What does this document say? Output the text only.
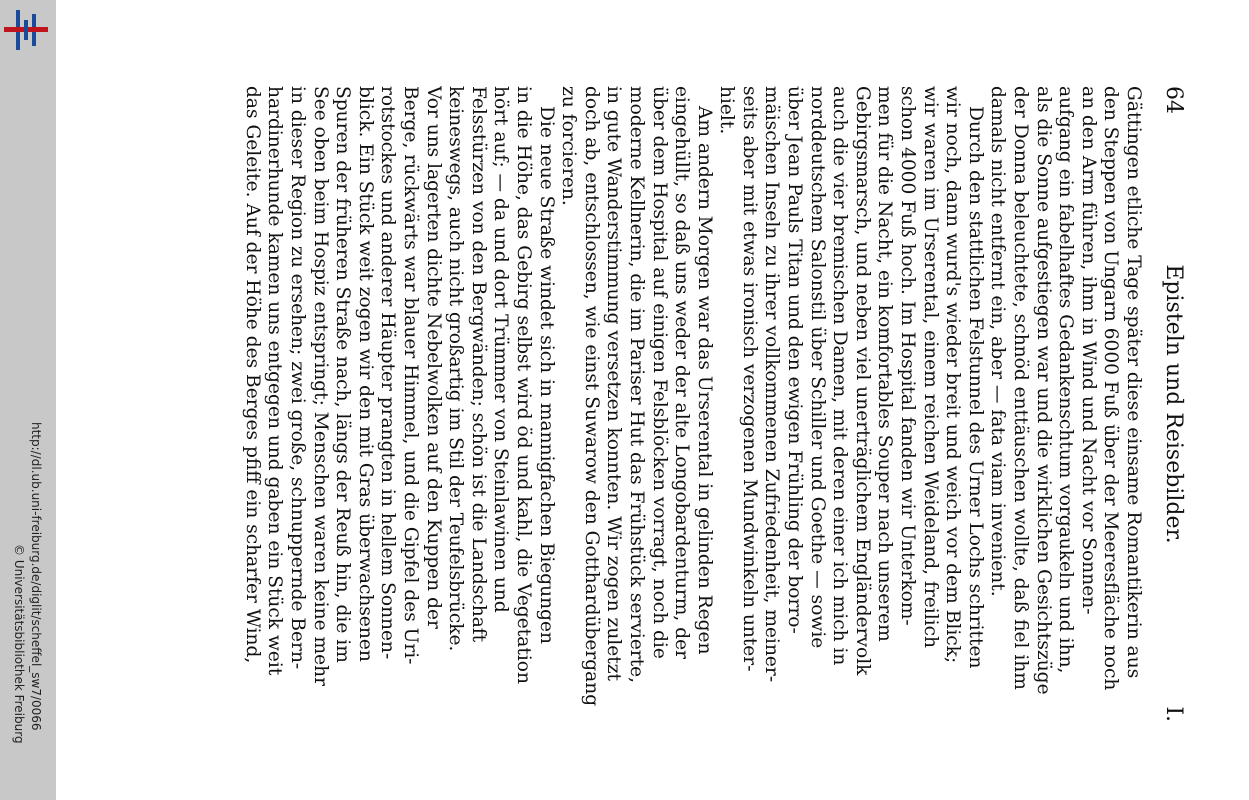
http://dl.ub.uni-freiburg.de/diglit/scheffel_sw7/0066
© Universitätsbibliothek Freiburg
64
Episteln und Reisebilder.
I.
Gättingen etliche Tage später diese einsame Romantikerin aus
den Steppen von Ungarn 6000 Fuß über der Meeresfläche noch
an den Arm führen, ihm in Wind und Nacht vor Sonnen-
aufgang ein fabelhaftes Gedankenschtum vorgaukeln und ihn,
als die Sonne aufgestiegen war und die wirklichen Gesichtszüge
der Donna beleuchtete, schnöd enttäuschen wollte, daß fiel ihm
damals nicht entfernt ein, aber — fata viam invenient.
Durch den stattlichen Felstunnel des Urner Lochs schritten
wir noch, dann wurd's wieder breit und weich vor dem Blick;
wir waren im Urserental, einem reichen Weideland, freilich
schon 4000 Fuß hoch. Im Hospital fanden wir Unterkom-
men für die Nacht, ein komfortables Souper nach unserem
Gebirgsmarsch, und neben viel unerträglichem Engländervolk
auch die vier bremischen Damen, mit deren einer ich mich in
norddeutschem Salonstil über Schiller und Goethe — sowie
über Jean Pauls Titan und den ewigen Frühling der borro-
mäischen Inseln zu ihrer vollkommenen Zufriedenheit, meiner-
seits aber mit etwas ironisch verzogenen Mundwinkeln unter-
hielt.
Am andern Morgen war das Urserental in gelinden Regen
eingehüllt, so daß uns weder der alte Longobardenturm, der
über dem Hospital auf einigen Felsblöcken vorragt, noch die
moderne Kellnerin, die im Pariser Hut das Frühstück servierte,
in gute Wanderstimmung versetzen konnten. Wir zogen zuletzt
doch ab, entschlossen, wie einst Suwarow den Gotthardübergang
zu forcieren.
Die neue Straße windet sich in mannigfachen Biegungen
in die Höhe, das Gebirg selbst wird öd und kahl, die Vegetation
hört auf; — da und dort Trümmer von Steinlawinen und
Felsstürzen von den Bergwänden; schön ist die Landschaft
keineswegs, auch nicht großartig im Stil der Teufelsbrücke.
Vor uns lagerten dichte Nebelwolken auf den Kuppen der
Berge, rückwärts war blauer Himmel, und die Gipfel des Uri-
rotstockes und anderer Häupter prangten in hellem Sonnen-
blick. Ein Stück weit zogen wir den mit Gras überwachsenen
Spuren der früheren Straße nach, längs der Reuß hin, die im
See oben beim Hospiz entspringt; Menschen waren keine mehr
in dieser Region zu ersehen; zwei große, schnuppernde Bern-
hardinerhunde kamen uns entgegen und gaben ein Stück weit
das Geleite. Auf der Höhe des Berges pfiff ein scharfer Wind,
